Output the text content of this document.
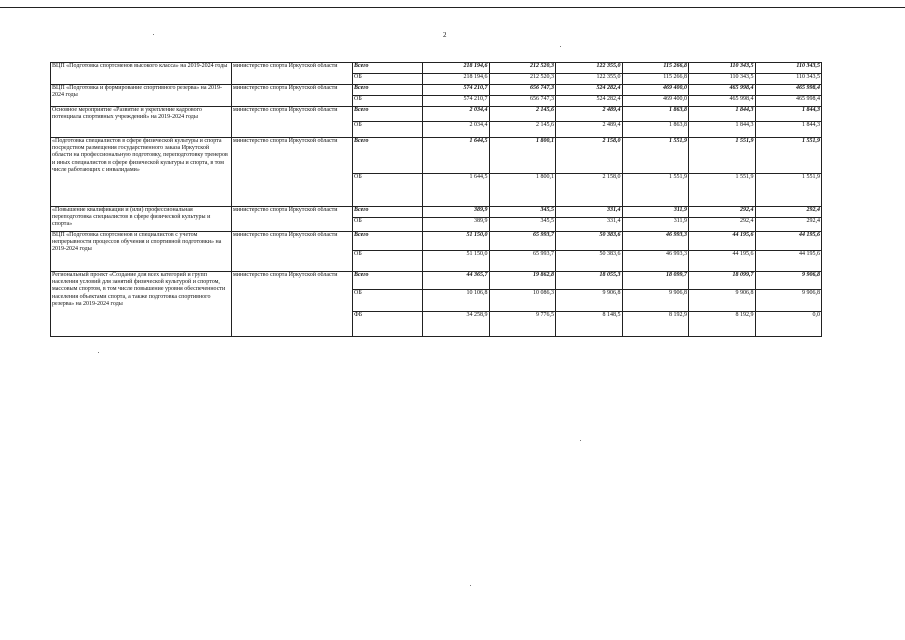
2
ВЦП «Подготовка спортсменов высокого класса» на 2019-2024 годы	министерство спорта Иркутской области	Всего	218 194,6	212 520,3	122 355,0	115 266,8	110 343,5	110 343,5
		ОБ	218 194,6	212 520,3	122 355,0	115 266,8	110 343,5	110 343,5
ВЦП «Подготовка и формирование спортивного резерва» на 2019-2024 годы	министерство спорта Иркутской области	Всего	574 210,7	656 747,3	524 282,4	469 400,0	465 998,4	465 998,4
		ОБ	574 210,7	656 747,3	524 282,4	469 400,0	465 998,4	465 998,4
Основное мероприятие «Развитие и укрепление кадрового потенциала спортивных учреждений» на 2019-2024 годы	министерство спорта Иркутской области	Всего	2 034,4	2 145,6	2 489,4	1 863,8	1 844,3	1 844,3
		ОБ	2 034,4	2 145,6	2 489,4	1 863,8	1 844,3	1 844,3
«Подготовка специалистов в сфере физической культуры и спорта посредством размещения государственного заказа Иркутской области на профессиональную подготовку, переподготовку тренеров и иных специалистов в сфере физической культуры и спорта, в том числе работающих с инвалидами»	министерство спорта Иркутской области	Всего	1 644,5	1 800,1	2 158,0	1 551,9	1 551,9	1 551,9
		ОБ	1 644,5	1 800,1	2 158,0	1 551,9	1 551,9	1 551,9
«Повышение квалификации и (или) профессиональная переподготовка специалистов в сфере физической культуры и спорта»	министерство спорта Иркутской области	Всего	389,9	345,5	331,4	311,9	292,4	292,4
		ОБ	389,9	345,5	331,4	311,9	292,4	292,4
ВЦП «Подготовка спортсменов и специалистов с учетом непрерывности процессов обучения и спортивной подготовки» на 2019-2024 годы	министерство спорта Иркутской области	Всего	51 150,0	65 993,7	50 383,6	46 993,3	44 195,6	44 195,6
		ОБ	51 150,0	65 993,7	50 383,6	46 993,3	44 195,6	44 195,6
Региональный проект «Создание для всех категорий и групп населения условий для занятий физической культурой и спортом, массовым спортом, в том числе повышение уровня обеспеченности населения объектами спорта, а также подготовка спортивного резерва» на 2019-2024 годы	министерство спорта Иркутской области	Всего	44 365,7	19 862,8	18 055,3	18 099,7	18 099,7	9 906,8
		ОБ	10 106,8	10 086,3	9 906,8	9 906,8	9 906,8	9 906,8
		ФБ	34 258,9	9 776,5	8 148,5	8 192,9	8 192,9	0,0
